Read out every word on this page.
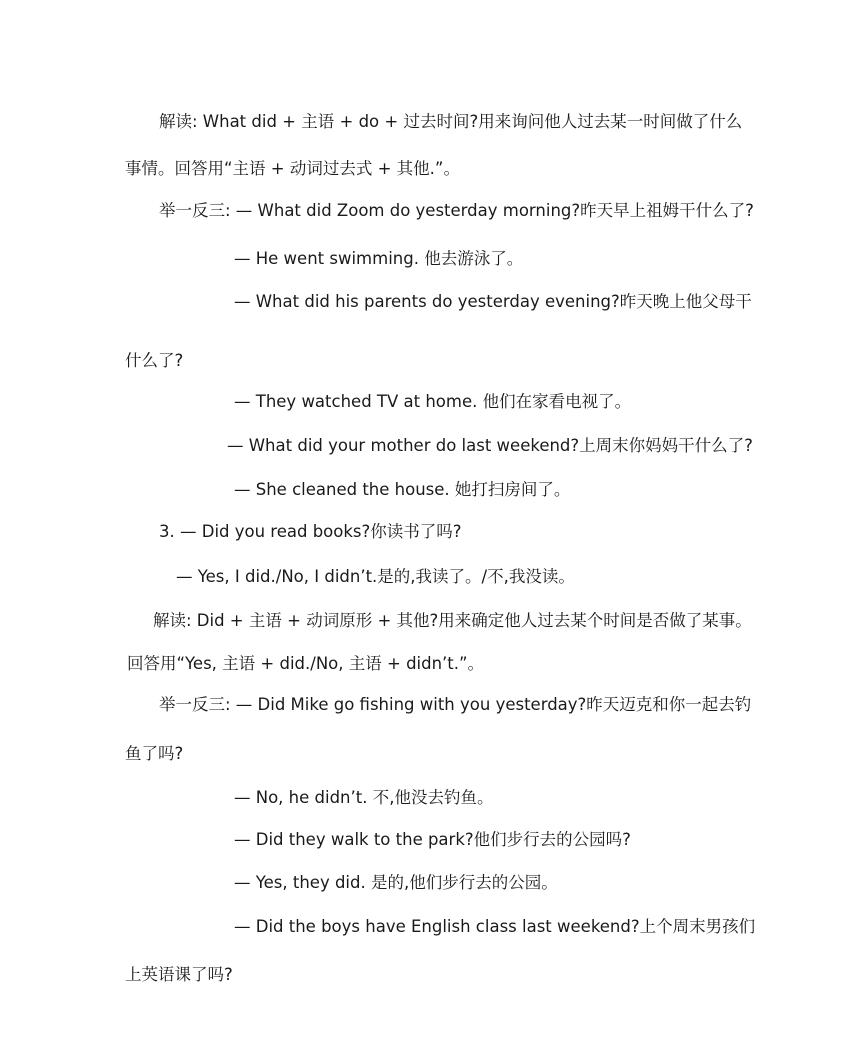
解读: What did + 主语 + do + 过去时间?用来询问他人过去某一时间做了什么
事情。回答用“主语 + 动词过去式 + 其他.”。
举一反三: — What did Zoom do yesterday morning?昨天早上祖姆干什么了?
— He went swimming. 他去游泳了。
— What did his parents do yesterday evening?昨天晚上他父母干
什么了?
— They watched TV at home. 他们在家看电视了。
— What did your mother do last weekend?上周末你妈妈干什么了?
— She cleaned the house. 她打扫房间了。
3. — Did you read books?你读书了吗?
— Yes, I did./No, I didn’t.是的,我读了。/不,我没读。
解读: Did + 主语 + 动词原形 + 其他?用来确定他人过去某个时间是否做了某事。
回答用“Yes, 主语 + did./No, 主语 + didn’t.”。
举一反三: — Did Mike go fishing with you yesterday?昨天迈克和你一起去钓
鱼了吗?
— No, he didn’t. 不,他没去钓鱼。
— Did they walk to the park?他们步行去的公园吗?
— Yes, they did. 是的,他们步行去的公园。
— Did the boys have English class last weekend?上个周末男孩们
上英语课了吗?
